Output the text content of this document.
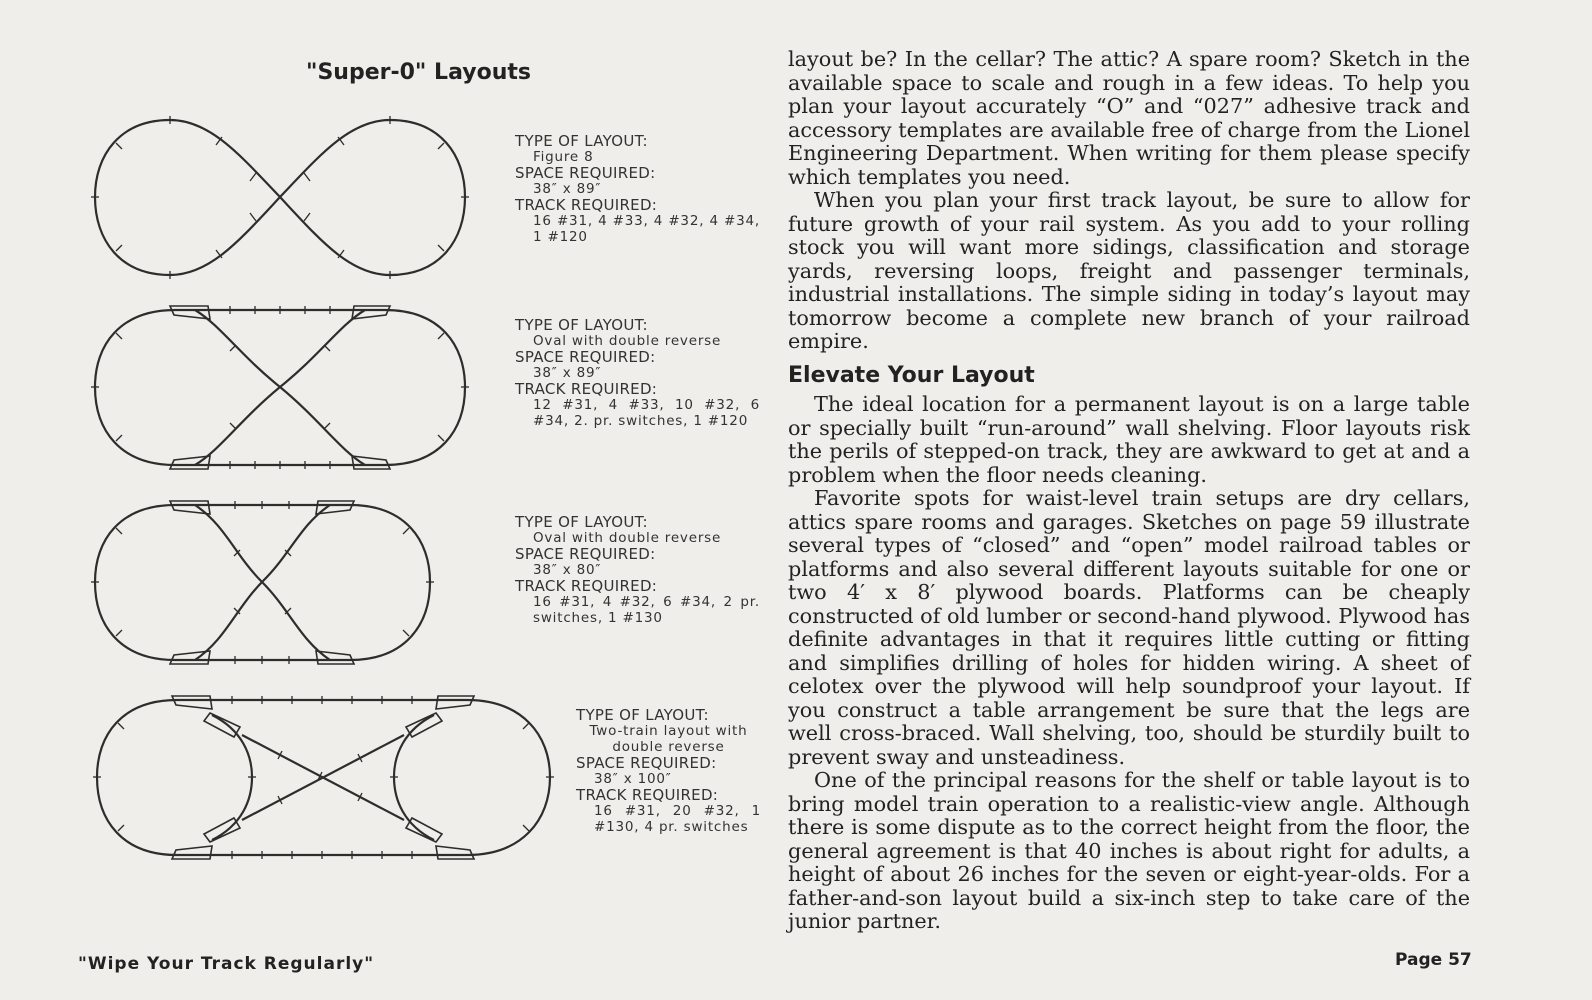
"Super-0" Layouts
TYPE OF LAYOUT:
Figure 8
SPACE REQUIRED:
38″ x 89″
TRACK REQUIRED:
16 #31, 4 #33, 4 #32, 4 #34, 1 #120
TYPE OF LAYOUT:
Oval with double reverse
SPACE REQUIRED:
38″ x 89″
TRACK REQUIRED:
12 #31, 4 #33, 10 #32, 6 #34, 2. pr. switches, 1 #120
TYPE OF LAYOUT:
Oval with double reverse
SPACE REQUIRED:
38″ x 80″
TRACK REQUIRED:
16 #31, 4 #32, 6 #34, 2 pr. switches, 1 #130
TYPE OF LAYOUT:
Two-train layout with double reverse
SPACE REQUIRED:
38″ x 100″
TRACK REQUIRED:
16 #31, 20 #32, 1 #130, 4 pr. switches

layout be? In the cellar? The attic? A spare room? Sketch in the available space to scale and rough in a few ideas. To help you plan your layout accurately “O” and “027” adhesive track and accessory templates are available free of charge from the Lionel Engineering Department. When writing for them please specify which templates you need.

When you plan your first track layout, be sure to allow for future growth of your rail system. As you add to your rolling stock you will want more sidings, classification and storage yards, reversing loops, freight and passenger terminals, industrial installations. The simple siding in today’s layout may tomorrow become a complete new branch of your railroad empire.

Elevate Your Layout

The ideal location for a permanent layout is on a large table or specially built “run-around” wall shelving. Floor layouts risk the perils of stepped-on track, they are awkward to get at and a problem when the floor needs cleaning.

Favorite spots for waist-level train setups are dry cellars, attics spare rooms and garages. Sketches on page 59 illustrate several types of “closed” and “open” model railroad tables or platforms and also several different layouts suitable for one or two 4′ x 8′ plywood boards. Platforms can be cheaply constructed of old lumber or second-hand plywood. Plywood has definite advantages in that it requires little cutting or fitting and simplifies drilling of holes for hidden wiring. A sheet of celotex over the plywood will help soundproof your layout. If you construct a table arrangement be sure that the legs are well cross-braced. Wall shelving, too, should be sturdily built to prevent sway and unsteadiness.

One of the principal reasons for the shelf or table layout is to bring model train operation to a realistic-view angle. Although there is some dispute as to the correct height from the floor, the general agreement is that 40 inches is about right for adults, a height of about 26 inches for the seven or eight-year-olds. For a father-and-son layout build a six-inch step to take care of the junior partner.

"Wipe Your Track Regularly"	Page 57
